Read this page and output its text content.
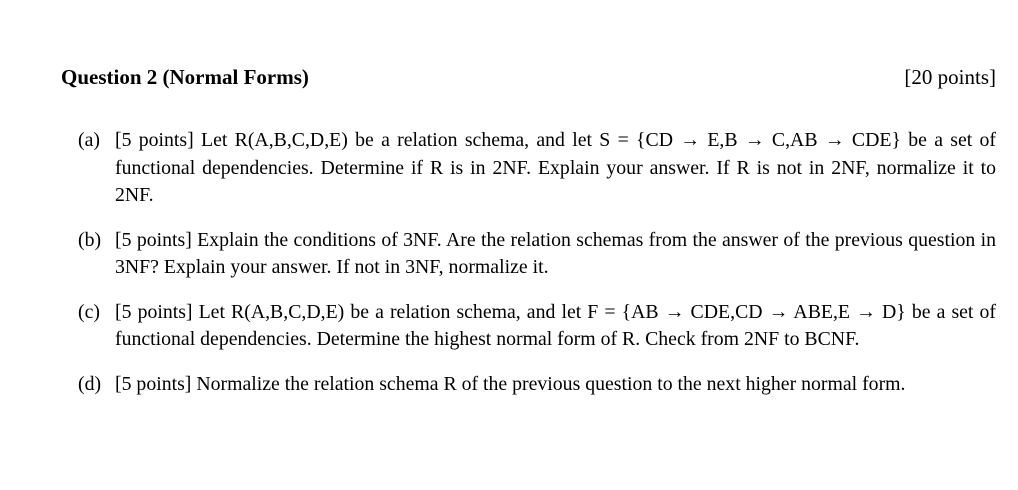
Question 2 (Normal Forms)	[20 points]
(a) [5 points] Let R(A,B,C,D,E) be a relation schema, and let S = {CD → E,B → C,AB → CDE} be a set of functional dependencies. Determine if R is in 2NF. Explain your answer. If R is not in 2NF, normalize it to 2NF.
(b) [5 points] Explain the conditions of 3NF. Are the relation schemas from the answer of the previous question in 3NF? Explain your answer. If not in 3NF, normalize it.
(c) [5 points] Let R(A,B,C,D,E) be a relation schema, and let F = {AB → CDE,CD → ABE,E → D} be a set of functional dependencies. Determine the highest normal form of R. Check from 2NF to BCNF.
(d) [5 points] Normalize the relation schema R of the previous question to the next higher normal form.
